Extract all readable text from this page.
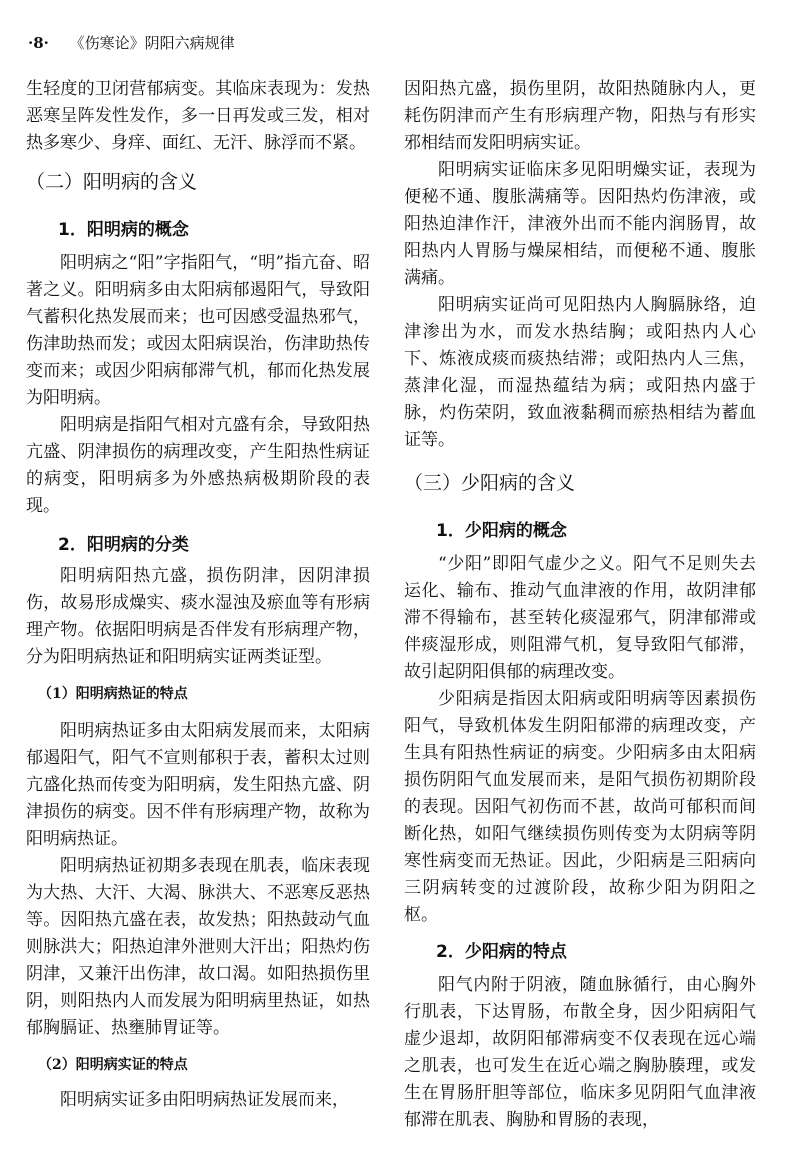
·8· 《伤寒论》阴阳六病规律

生轻度的卫闭营郁病变。其临床表现为：发热恶寒呈阵发性发作，多一日再发或三发，相对热多寒少、身痒、面红、无汗、脉浮而不紧。

（二）阳明病的含义
1．阳明病的概念

阳明病之“阳”字指阳气，“明”指亢奋、昭著之义。阳明病多由太阳病郁遏阳气，导致阳气蓄积化热发展而来；也可因感受温热邪气，伤津助热而发；或因太阳病误治，伤津助热传变而来；或因少阳病郁滞气机，郁而化热发展为阳明病。

阳明病是指阳气相对亢盛有余，导致阳热亢盛、阴津损伤的病理改变，产生阳热性病证的病变，阳明病多为外感热病极期阶段的表现。

2．阳明病的分类

阳明病阳热亢盛，损伤阴津，因阴津损伤，故易形成燥实、痰水湿浊及瘀血等有形病理产物。依据阳明病是否伴发有形病理产物，分为阳明病热证和阳明病实证两类证型。

（1）阳明病热证的特点

阳明病热证多由太阳病发展而来，太阳病郁遏阳气，阳气不宣则郁积于表，蓄积太过则亢盛化热而传变为阳明病，发生阳热亢盛、阴津损伤的病变。因不伴有形病理产物，故称为阳明病热证。

阳明病热证初期多表现在肌表，临床表现为大热、大汗、大渴、脉洪大、不恶寒反恶热等。因阳热亢盛在表，故发热；阳热鼓动气血则脉洪大；阳热迫津外泄则大汗出；阳热灼伤阴津，又兼汗出伤津，故口渴。如阳热损伤里阴，则阳热内人而发展为阳明病里热证，如热郁胸膈证、热壅肺胃证等。

（2）阳明病实证的特点

阳明病实证多由阳明病热证发展而来，

因阳热亢盛，损伤里阴，故阳热随脉内人，更耗伤阴津而产生有形病理产物，阳热与有形实邪相结而发阳明病实证。

阳明病实证临床多见阳明燥实证，表现为便秘不通、腹胀满痛等。因阳热灼伤津液，或阳热迫津作汗，津液外出而不能内润肠胃，故阳热内人胃肠与燥屎相结，而便秘不通、腹胀满痛。

阳明病实证尚可见阳热内人胸膈脉络，迫津渗出为水，而发水热结胸；或阳热内人心下、炼液成痰而痰热结滞；或阳热内人三焦，蒸津化湿，而湿热蕴结为病；或阳热内盛于脉，灼伤荣阴，致血液黏稠而瘀热相结为蓄血证等。

（三）少阳病的含义
1．少阳病的概念

“少阳”即阳气虚少之义。阳气不足则失去运化、输布、推动气血津液的作用，故阴津郁滞不得输布，甚至转化痰湿邪气，阴津郁滞或伴痰湿形成，则阻滞气机，复导致阳气郁滞，故引起阴阳俱郁的病理改变。

少阳病是指因太阳病或阳明病等因素损伤阳气，导致机体发生阴阳郁滞的病理改变，产生具有阳热性病证的病变。少阳病多由太阳病损伤阴阳气血发展而来，是阳气损伤初期阶段的表现。因阳气初伤而不甚，故尚可郁积而间断化热，如阳气继续损伤则传变为太阴病等阴寒性病变而无热证。因此，少阳病是三阳病向三阴病转变的过渡阶段，故称少阳为阴阳之枢。

2．少阳病的特点

阳气内附于阴液，随血脉循行，由心胸外行肌表，下达胃肠，布散全身，因少阳病阳气虚少退却，故阴阳郁滞病变不仅表现在远心端之肌表，也可发生在近心端之胸胁腠理，或发生在胃肠肝胆等部位，临床多见阴阳气血津液郁滞在肌表、胸胁和胃肠的表现，
